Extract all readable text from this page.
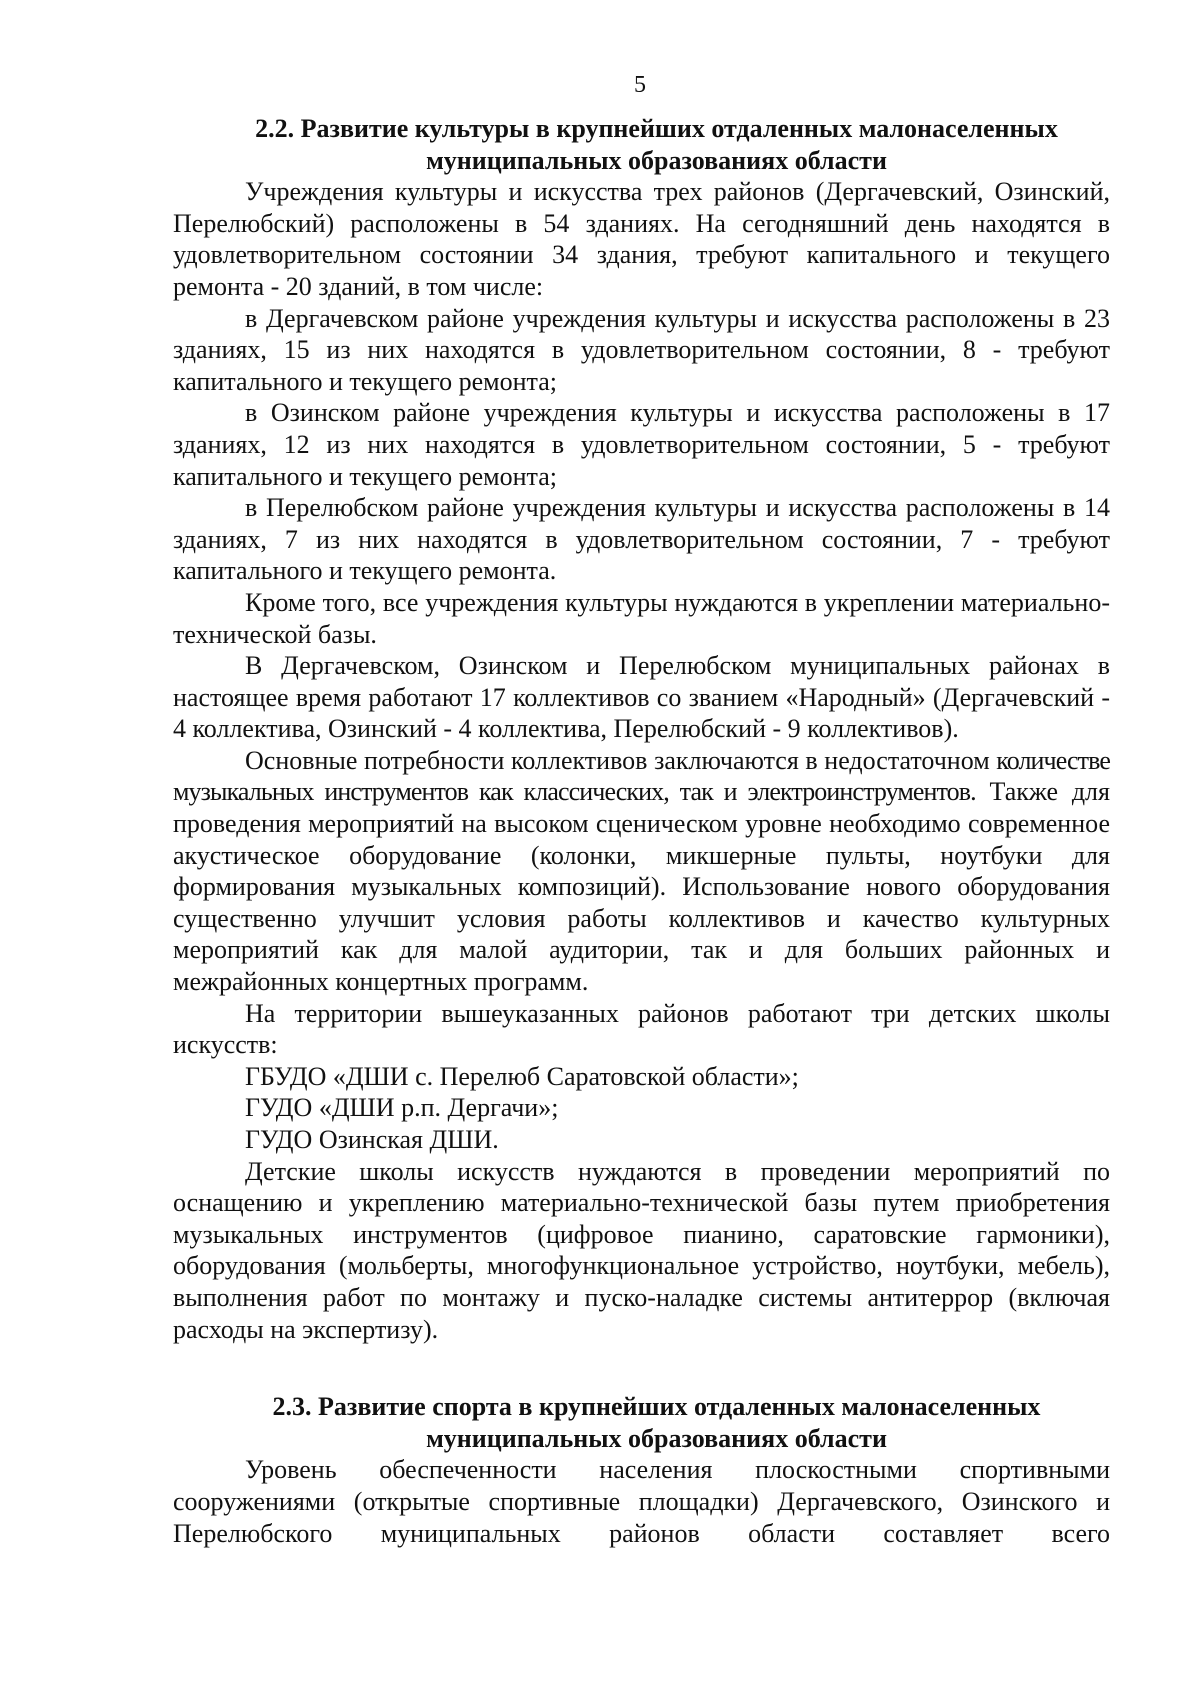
5
2.2. Развитие культуры в крупнейших отдаленных малонаселенных
муниципальных образованиях области

Учреждения культуры и искусства трех районов (Дергачевский, Озинский, Перелюбский) расположены в 54 зданиях. На сегодняшний день находятся в удовлетворительном состоянии 34 здания, требуют капитального и текущего ремонта - 20 зданий, в том числе:

в Дергачевском районе учреждения культуры и искусства расположены в 23 зданиях, 15 из них находятся в удовлетворительном состоянии, 8 - требуют капитального и текущего ремонта;

в Озинском районе учреждения культуры и искусства расположены в 17 зданиях, 12 из них находятся в удовлетворительном состоянии, 5 - требуют капитального и текущего ремонта;

в Перелюбском районе учреждения культуры и искусства расположены в 14 зданиях, 7 из них находятся в удовлетворительном состоянии, 7 - требуют капитального и текущего ремонта.

Кроме того, все учреждения культуры нуждаются в укреплении материально-технической базы.

В Дергачевском, Озинском и Перелюбском муниципальных районах в настоящее время работают 17 коллективов со званием «Народный» (Дергачевский - 4 коллектива, Озинский - 4 коллектива, Перелюбский - 9 коллективов).

Основные потребности коллективов заключаются в недостаточном количестве музыкальных инструментов как классических, так и электроинструментов. Также для проведения мероприятий на высоком сценическом уровне необходимо современное акустическое оборудование (колонки, микшерные пульты, ноутбуки для формирования музыкальных композиций). Использование нового оборудования существенно улучшит условия работы коллективов и качество культурных мероприятий как для малой аудитории, так и для больших районных и межрайонных концертных программ.

На территории вышеуказанных районов работают три детских школы искусств:

ГБУДО «ДШИ с. Перелюб Саратовской области»;

ГУДО «ДШИ р.п. Дергачи»;

ГУДО Озинская ДШИ.

Детские школы искусств нуждаются в проведении мероприятий по оснащению и укреплению материально-технической базы путем приобретения музыкальных инструментов (цифровое пианино, саратовские гармоники), оборудования (мольберты, многофункциональное устройство, ноутбуки, мебель), выполнения работ по монтажу и пуско-наладке системы антитеррор (включая расходы на экспертизу).

2.3. Развитие спорта в крупнейших отдаленных малонаселенных
муниципальных образованиях области

Уровень обеспеченности населения плоскостными спортивными сооружениями (открытые спортивные площадки) Дергачевского, Озинского и Перелюбского муниципальных районов области составляет всего
